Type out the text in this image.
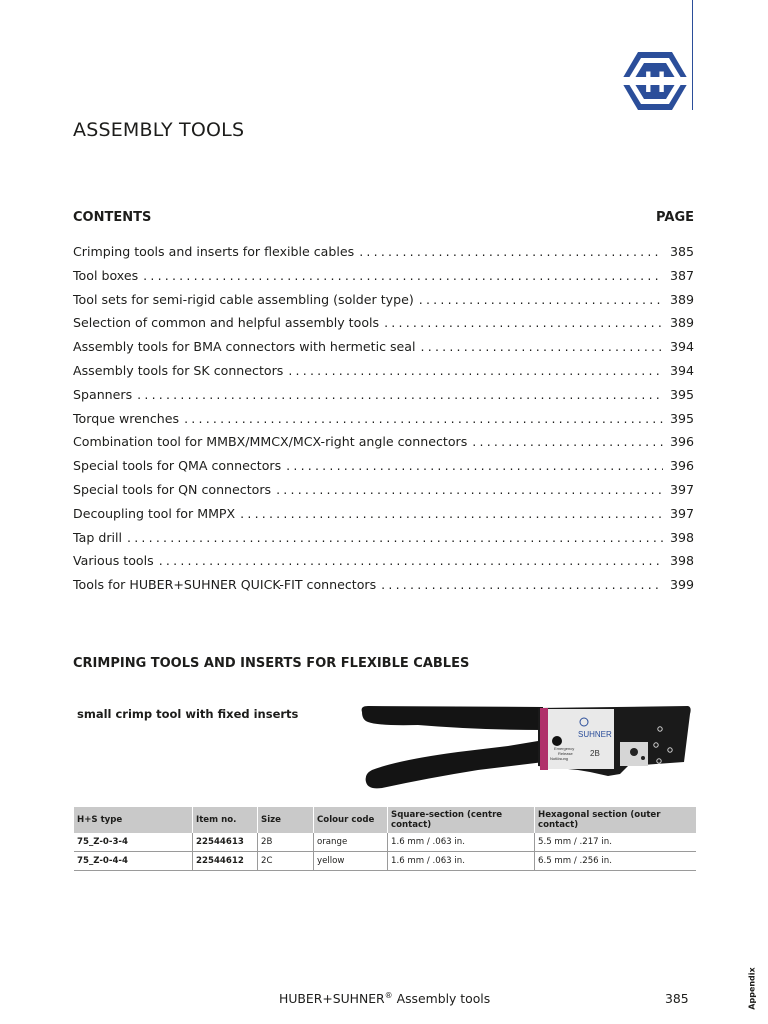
H
ASSEMBLY TOOLS
CONTENTS	PAGE
Crimping tools and inserts for flexible cables .....	385
Tool boxes .....	387
Tool sets for semi-rigid cable assembling (solder type) .....	389
Selection of common and helpful assembly tools .....	389
Assembly tools for BMA connectors with hermetic seal .....	394
Assembly tools for SK connectors .....	394
Spanners .....	395
Torque wrenches .....	395
Combination tool for MMBX/MMCX/MCX-right angle connectors .....	396
Special tools for QMA connectors .....	396
Special tools for QN connectors .....	397
Decoupling tool for MMPX .....	397
Tap drill .....	398
Various tools .....	398
Tools for HUBER+SUHNER QUICK-FIT connectors .....	399
CRIMPING TOOLS AND INSERTS FOR FLEXIBLE CABLES
small crimp tool with fixed inserts
SUHNER
Emergency
Release
Notlösung
2B
H+S type	Item no.	Size	Colour code	Square-section (centre contact)	Hexagonal section (outer contact)
75_Z-0-3-4	22544613	2B	orange	1.6 mm / .063 in.	5.5 mm / .217 in.
75_Z-0-4-4	22544612	2C	yellow	1.6 mm / .063 in.	6.5 mm / .256 in.
HUBER+SUHNER® Assembly tools	385	Appendix
